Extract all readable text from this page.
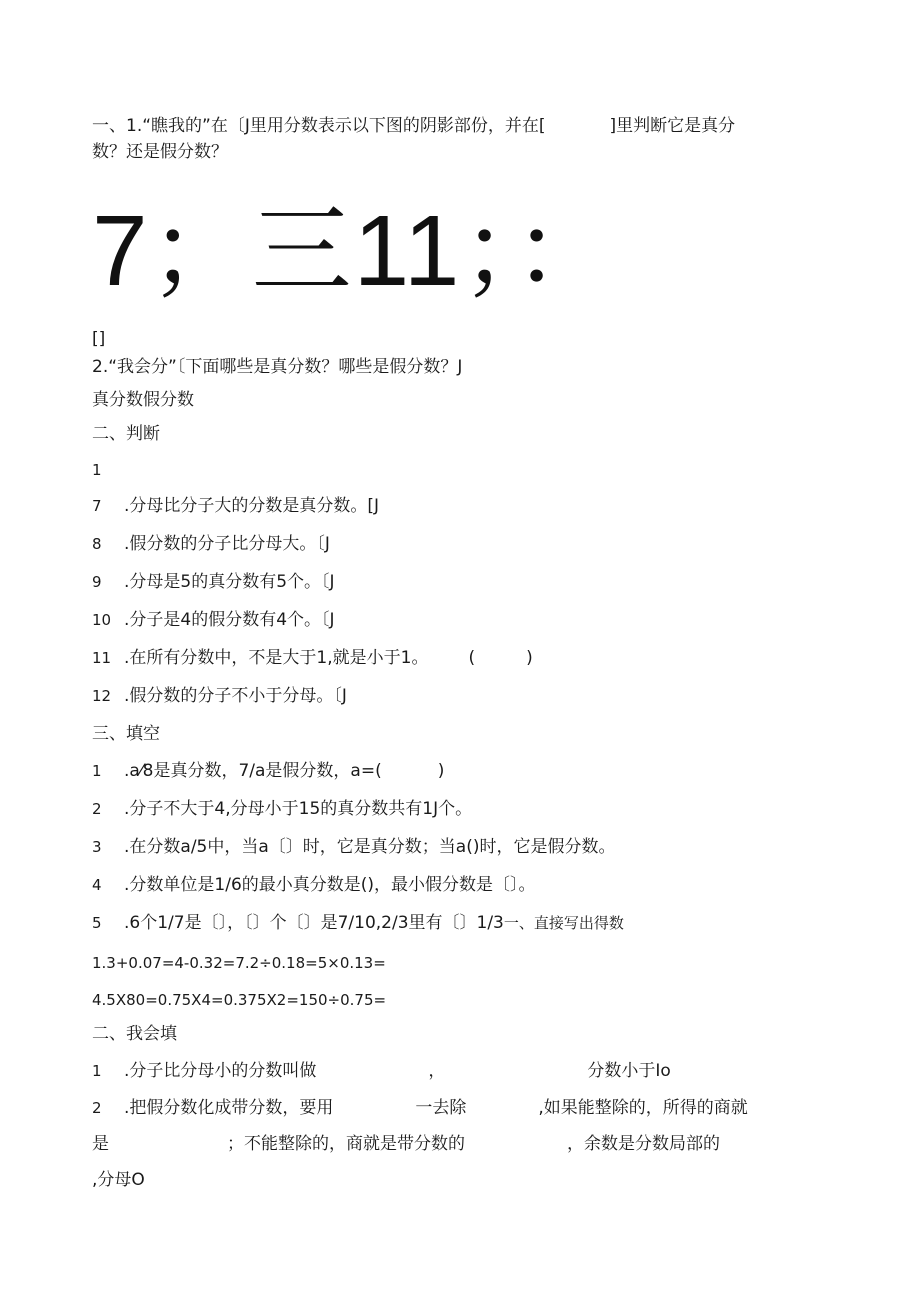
一、1.“瞧我的”在〔J里用分数表示以下图的阴影部份，并在[	]里判断它是真分
数？还是假分数？
7；三11；：
[]
2.“我会分”〔下面哪些是真分数？哪些是假分数？J
真分数假分数
二、判断
1
7 .分母比分子大的分数是真分数。[J
8 .假分数的分子比分母大。〔J
9 .分母是5的真分数有5个。〔J
10 .分子是4的假分数有4个。〔J
11 .在所有分数中，不是大于1,就是小于1。 (　　　)
12 .假分数的分子不小于分母。〔J
三、填空
1 .a⁄8是真分数，7/a是假分数，a=(	)
2 .分子不大于4,分母小于15的真分数共有1J个。
3 .在分数a/5中，当a〔〕时，它是真分数；当a()时，它是假分数。
4 .分数单位是1/6的最小真分数是()，最小假分数是〔〕。
5 .6个1/7是〔〕，〔〕个〔〕是7/10,2/3里有〔〕1/3一、直接写出得数
1.3+0.07=4-0.32=7.2÷0.18=5×0.13=
4.5X80=0.75X4=0.375X2=150÷0.75=
二、我会填
1 .分子比分母小的分数叫做	，	分数小于Io
2 .把假分数化成带分数，要用	一去除	,如果能整除的，所得的商就
是	；不能整除的，商就是带分数的	，余数是分数局部的
,分母O
